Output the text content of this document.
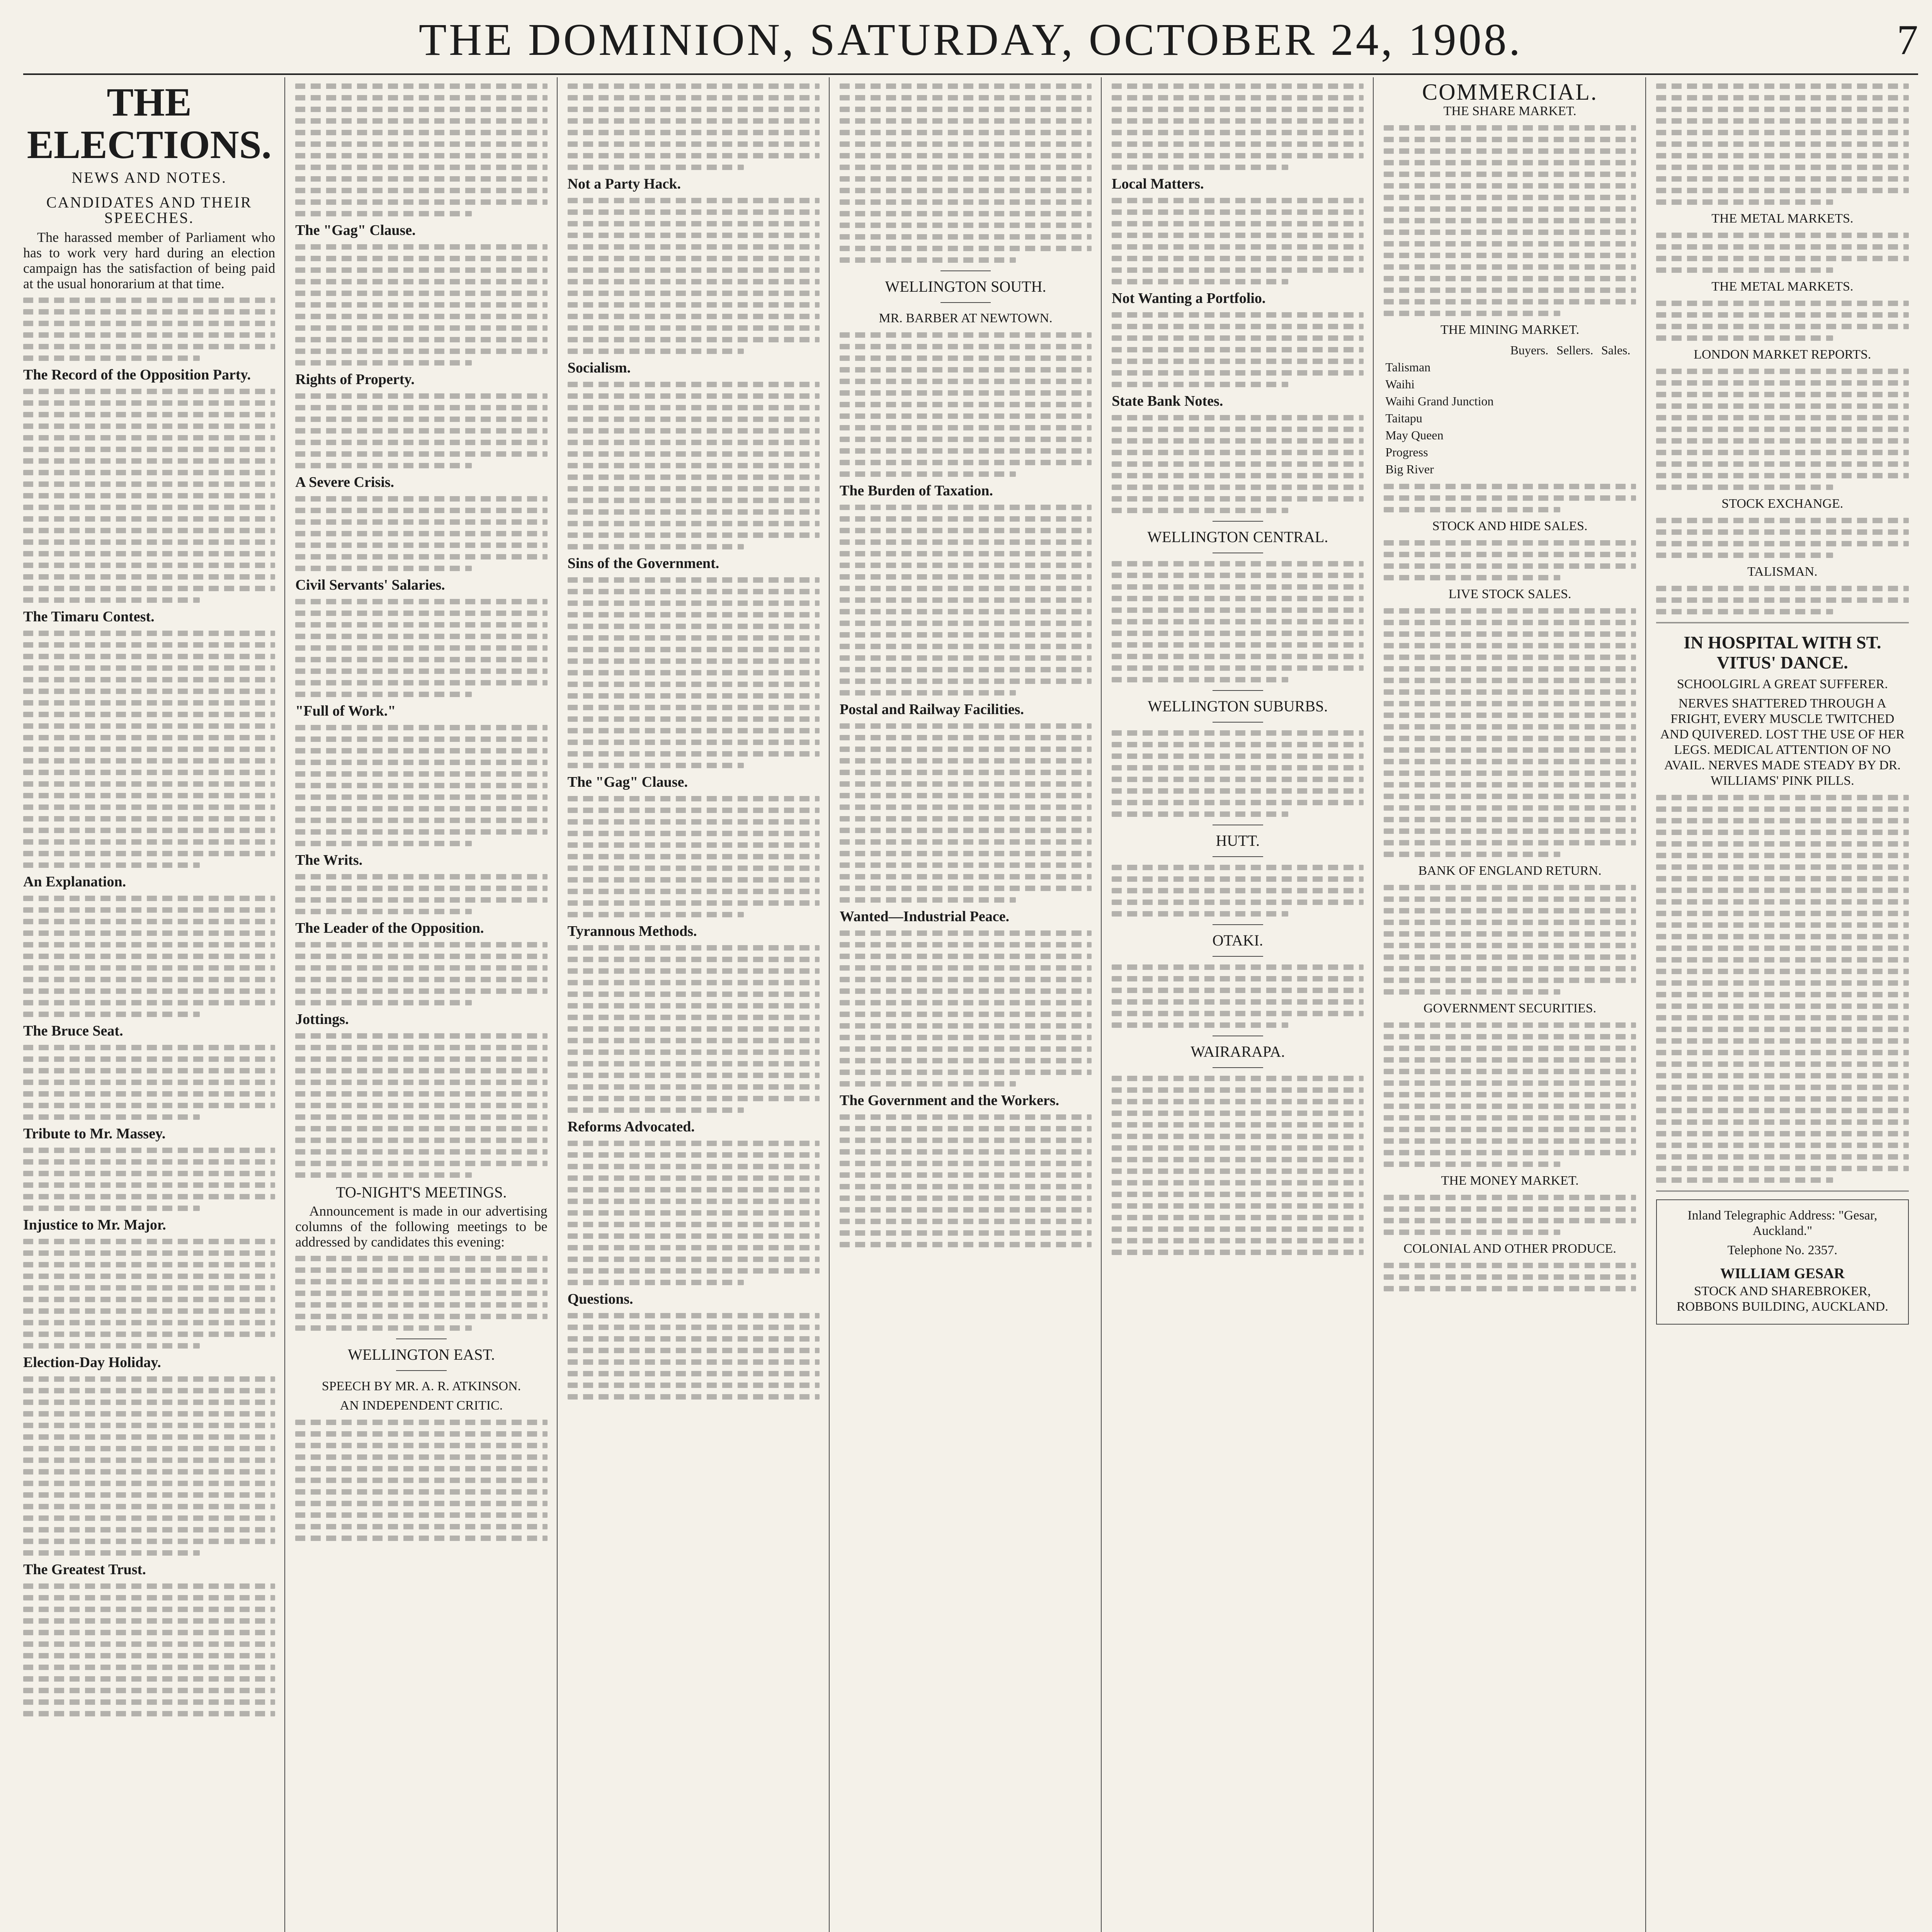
THE DOMINION, SATURDAY, OCTOBER 24, 1908.	7
THE ELECTIONS.
NEWS AND NOTES.
CANDIDATES AND THEIR SPEECHES.

The harassed member of Parliament who has to work very hard during an election campaign has the satisfaction of being paid at the usual honorarium at that time.

The Record of the Opposition Party.
The Timaru Contest.
An Explanation.
The Bruce Seat.
Tribute to Mr. Massey.
Injustice to Mr. Major.
Election-Day Holiday.
The Greatest Trust.
The "Gag" Clause.
Rights of Property.
A Severe Crisis.
Civil Servants' Salaries.
"Full of Work."
The Writs.
The Leader of the Opposition.
Jottings.
TO-NIGHT'S MEETINGS.

Announcement is made in our advertising columns of the following meetings to be addressed by candidates this evening:

WELLINGTON EAST.
SPEECH BY MR. A. R. ATKINSON.
AN INDEPENDENT CRITIC.
Not a Party Hack.
Socialism.
Sins of the Government.
The "Gag" Clause.
Tyrannous Methods.
Reforms Advocated.
Questions.
WELLINGTON SOUTH.
MR. BARBER AT NEWTOWN.
The Burden of Taxation.
Postal and Railway Facilities.
Wanted—Industrial Peace.
The Government and the Workers.
Local Matters.
Not Wanting a Portfolio.
State Bank Notes.
WELLINGTON CENTRAL.
WELLINGTON SUBURBS.
HUTT.
OTAKI.
WAIRARAPA.
COMMERCIAL.
THE SHARE MARKET.
THE MINING MARKET.
	Buyers.	Sellers.	Sales.
Talisman			
Waihi			
Waihi Grand Junction			
Taitapu			
May Queen			
Progress			
Big River			
STOCK AND HIDE SALES.
LIVE STOCK SALES.
BANK OF ENGLAND RETURN.
GOVERNMENT SECURITIES.
THE MONEY MARKET.
COLONIAL AND OTHER PRODUCE.
THE METAL MARKETS.
THE METAL MARKETS.
LONDON MARKET REPORTS.
STOCK EXCHANGE.
TALISMAN.
IN HOSPITAL WITH ST. VITUS' DANCE.
SCHOOLGIRL A GREAT SUFFERER.
NERVES SHATTERED THROUGH A FRIGHT, EVERY MUSCLE TWITCHED AND QUIVERED. LOST THE USE OF HER LEGS. MEDICAL ATTENTION OF NO AVAIL. NERVES MADE STEADY BY DR. WILLIAMS' PINK PILLS.
Inland Telegraphic Address: "Gesar, Auckland."
Telephone No. 2357.
WILLIAM GESAR
STOCK AND SHAREBROKER, ROBBONS BUILDING, AUCKLAND.
